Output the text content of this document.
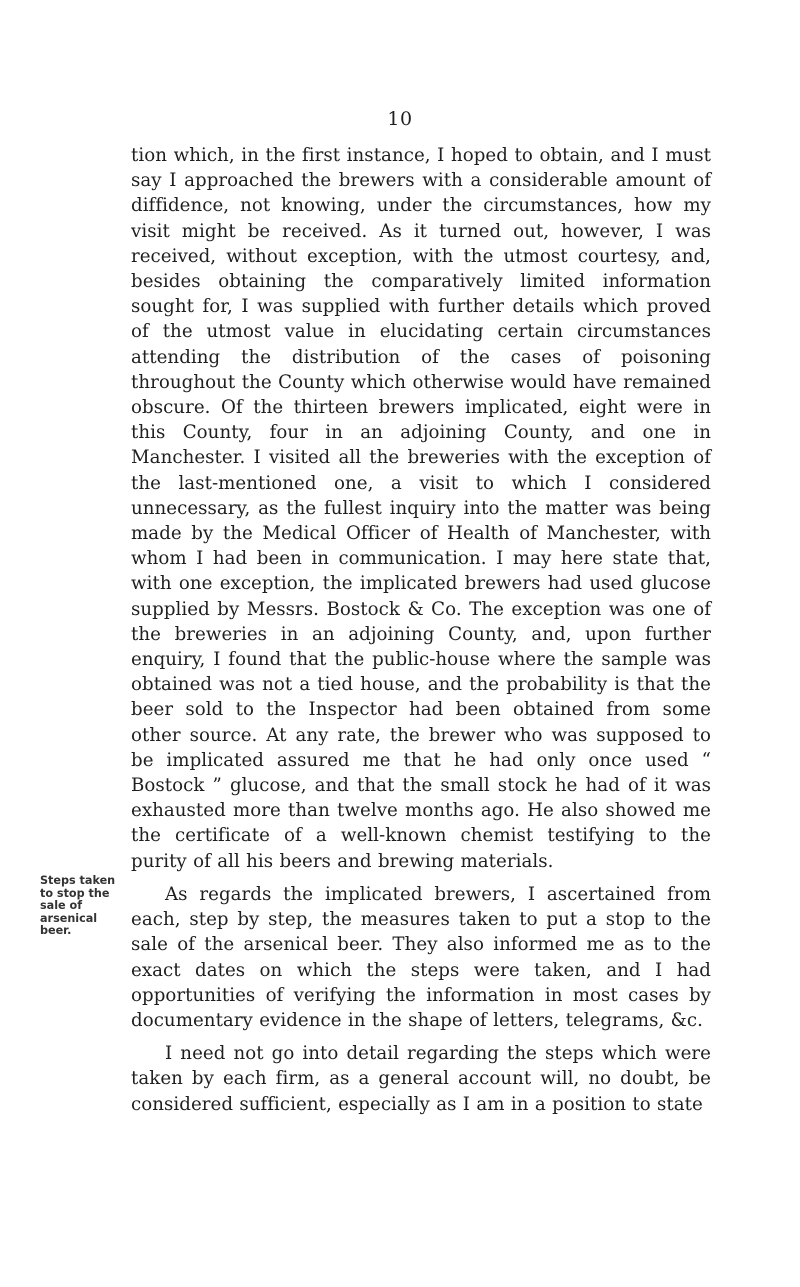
10
Steps taken to stop the sale of arsenical beer.

tion which, in the first instance, I hoped to obtain, and I must say I approached the brewers with a considerable amount of diffidence, not knowing, under the circumstances, how my visit might be received. As it turned out, however, I was received, without exception, with the utmost courtesy, and, besides obtaining the comparatively limited information sought for, I was supplied with further details which proved of the utmost value in elucidating certain circumstances attending the distribution of the cases of poisoning throughout the County which otherwise would have remained obscure. Of the thirteen brewers implicated, eight were in this County, four in an adjoining County, and one in Manchester. I visited all the breweries with the exception of the last-mentioned one, a visit to which I considered unnecessary, as the fullest inquiry into the matter was being made by the Medical Officer of Health of Manchester, with whom I had been in communication. I may here state that, with one exception, the implicated brewers had used glucose supplied by Messrs. Bostock & Co. The exception was one of the breweries in an adjoining County, and, upon further enquiry, I found that the public-house where the sample was obtained was not a tied house, and the probability is that the beer sold to the Inspector had been obtained from some other source. At any rate, the brewer who was supposed to be implicated assured me that he had only once used “ Bostock ” glucose, and that the small stock he had of it was exhausted more than twelve months ago. He also showed me the certificate of a well-known chemist testifying to the purity of all his beers and brewing materials.

As regards the implicated brewers, I ascertained from each, step by step, the measures taken to put a stop to the sale of the arsenical beer. They also informed me as to the exact dates on which the steps were taken, and I had opportunities of verifying the information in most cases by documentary evidence in the shape of letters, telegrams, &c.

I need not go into detail regarding the steps which were taken by each firm, as a general account will, no doubt, be considered sufficient, especially as I am in a position to state
